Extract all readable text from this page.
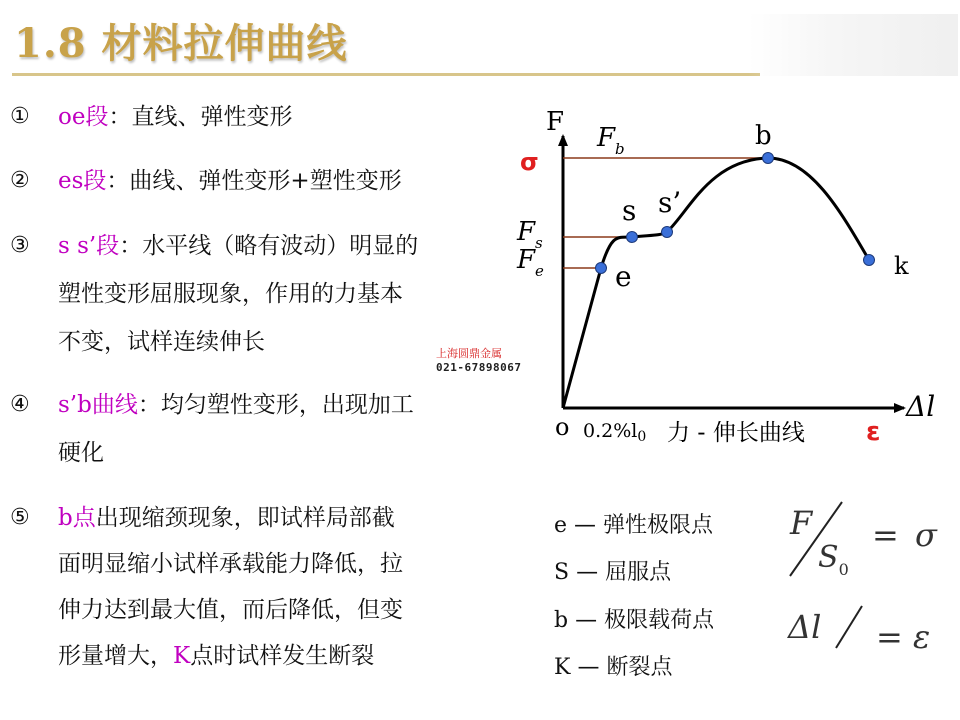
1.8 材料拉伸曲线
①	oe段：直线、弹性变形
②	es段：曲线、弹性变形+塑性变形
③	s s’段：水平线（略有波动）明显的
塑性变形屈服现象，作用的力基本
不变，试样连续伸长
④	s’b曲线：均匀塑性变形，出现加工
硬化
⑤	b点出现缩颈现象，即试样局部截
面明显缩小试样承载能力降低，拉
伸力达到最大值，而后降低，但变
形量增大，K点时试样发生断裂
上海圆鼎金属
021-67898067
F
σ
$F_b$
$F_s$
$F_e$	e
s s’
b
k
o $0.2\%l_0$ 力 - 伸长曲线
Δl
ε
F
$S_0$
= σ
Δl = ε
e — 弹性极限点
S — 屈服点
b — 极限载荷点
K — 断裂点
